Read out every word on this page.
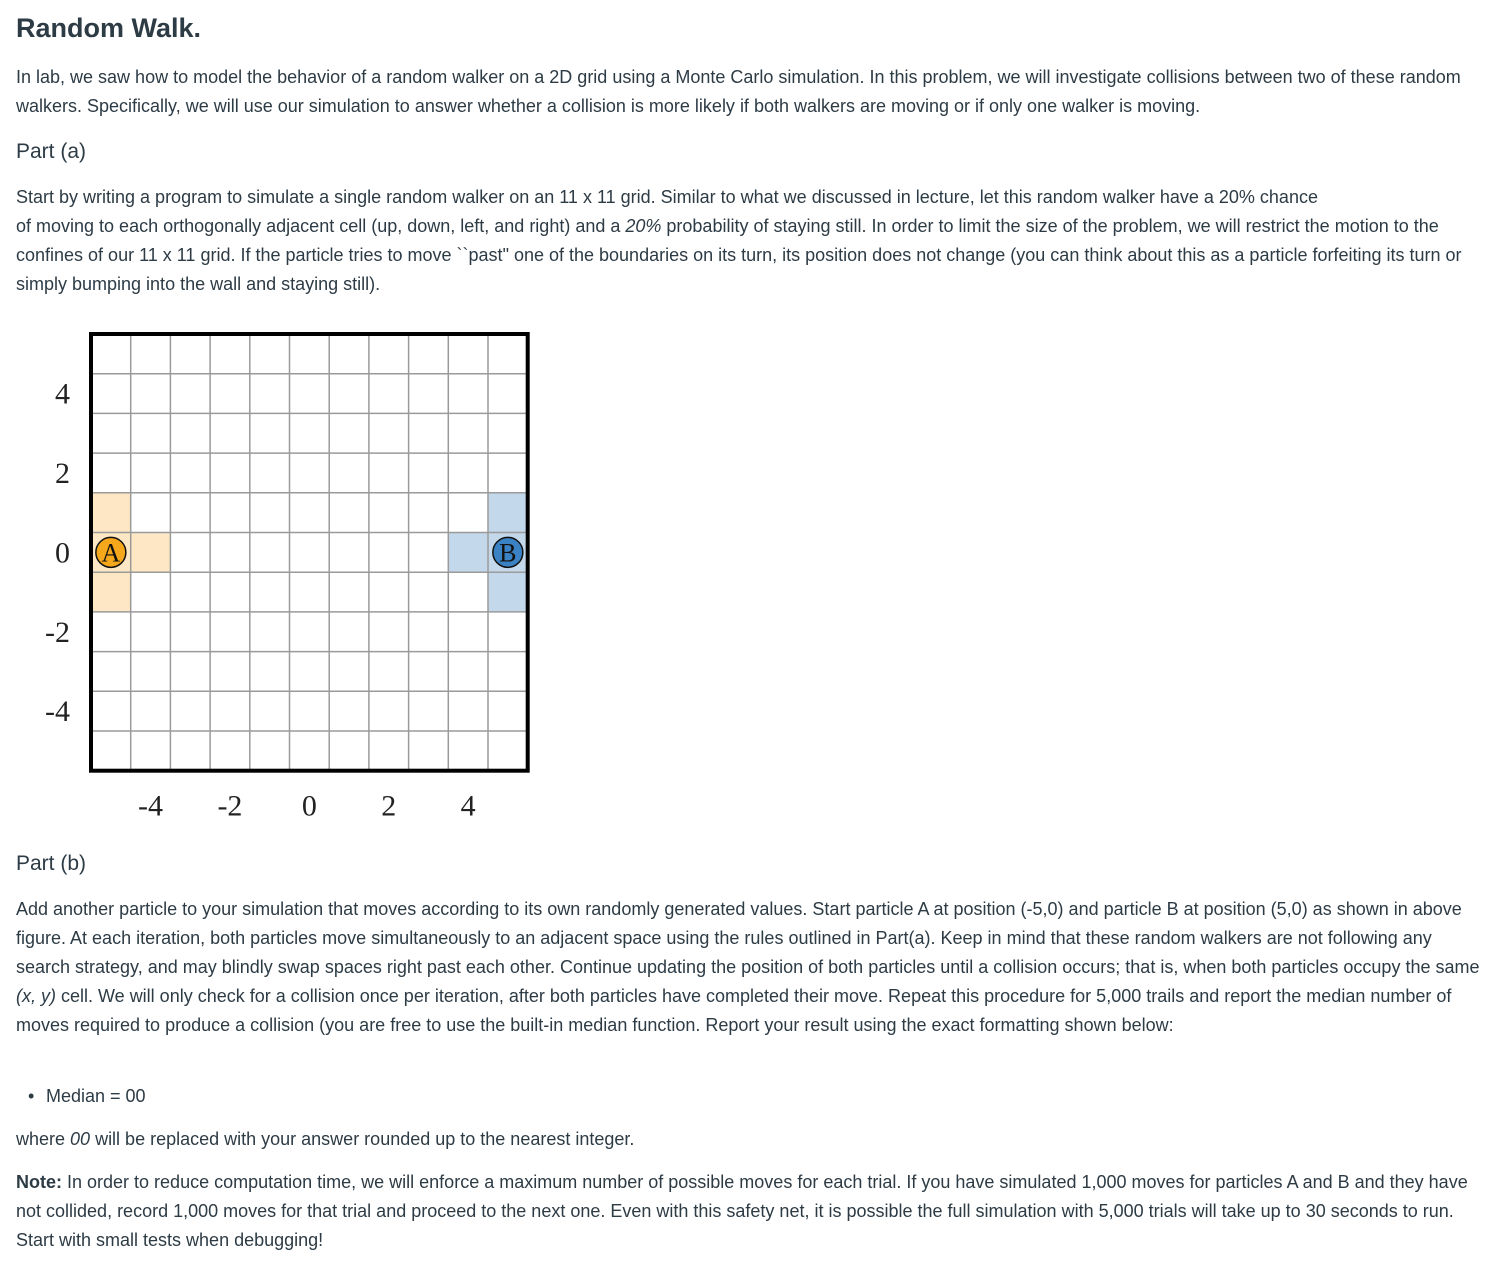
Random Walk.

In lab, we saw how to model the behavior of a random walker on a 2D grid using a Monte Carlo simulation. In this problem, we will investigate collisions between two of these random walkers. Specifically, we will use our simulation to answer whether a collision is more likely if both walkers are moving or if only one walker is moving.

Part (a)

Start by writing a program to simulate a single random walker on an 11 x 11 grid. Similar to what we discussed in lecture, let this random walker have a 20% chance
of moving to each orthogonally adjacent cell (up, down, left, and right) and a 20% probability of staying still. In order to limit the size of the problem, we will restrict the motion to the confines of our 11 x 11 grid. If the particle tries to move ``past" one of the boundaries on its turn, its position does not change (you can think about this as a particle forfeiting its turn or simply bumping into the wall and staying still).

4
2
0
-2
-4
-4 -2 0 2 4
A	B
Part (b)

Add another particle to your simulation that moves according to its own randomly generated values. Start particle A at position (-5,0) and particle B at position (5,0) as shown in above figure. At each iteration, both particles move simultaneously to an adjacent space using the rules outlined in Part(a). Keep in mind that these random walkers are not following any search strategy, and may blindly swap spaces right past each other. Continue updating the position of both particles until a collision occurs; that is, when both particles occupy the same (x, y) cell. We will only check for a collision once per iteration, after both particles have completed their move. Repeat this procedure for 5,000 trails and report the median number of moves required to produce a collision (you are free to use the built-in median function. Report your result using the exact formatting shown below:

• Median = 00

where 00 will be replaced with your answer rounded up to the nearest integer.

Note: In order to reduce computation time, we will enforce a maximum number of possible moves for each trial. If you have simulated 1,000 moves for particles A and B and they have not collided, record 1,000 moves for that trial and proceed to the next one. Even with this safety net, it is possible the full simulation with 5,000 trials will take up to 30 seconds to run. Start with small tests when debugging!
